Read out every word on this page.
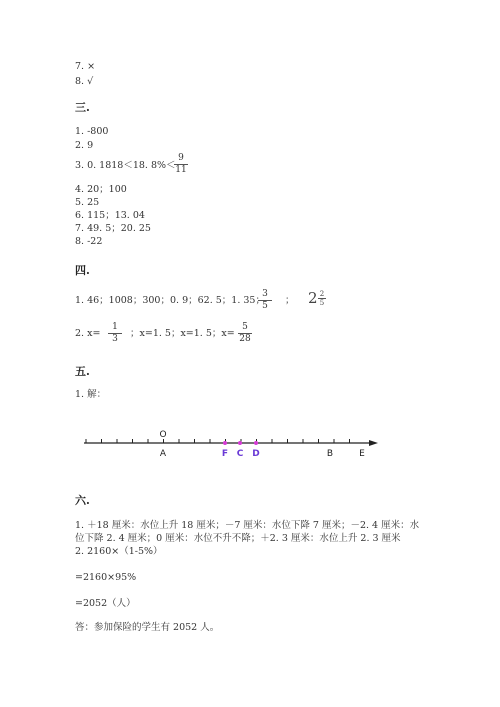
7. ×
8. √
三.
1. -800
2. 9
3. 0. 1818＜18. 8%＜
9
11
4. 20；100
5. 25
6. 115；13. 04
7. 49. 5；20. 25
8. -22
四.
1. 46；1008；300；0. 9；62. 5；1. 35；
3
5	； 2 2
5
2. x=
1
3	；x=1. 5；x=1. 5；x=
5
28
五.
1. 解：
O
A	F C D	B	E
六.
1. ＋18 厘米：水位上升 18 厘米；－7 厘米：水位下降 7 厘米；－2. 4 厘米：水
位下降 2. 4 厘米；0 厘米：水位不升不降；＋2. 3 厘米：水位上升 2. 3 厘米
2. 2160×（1-5%）
=2160×95%
=2052（人）
答：参加保险的学生有 2052 人。
